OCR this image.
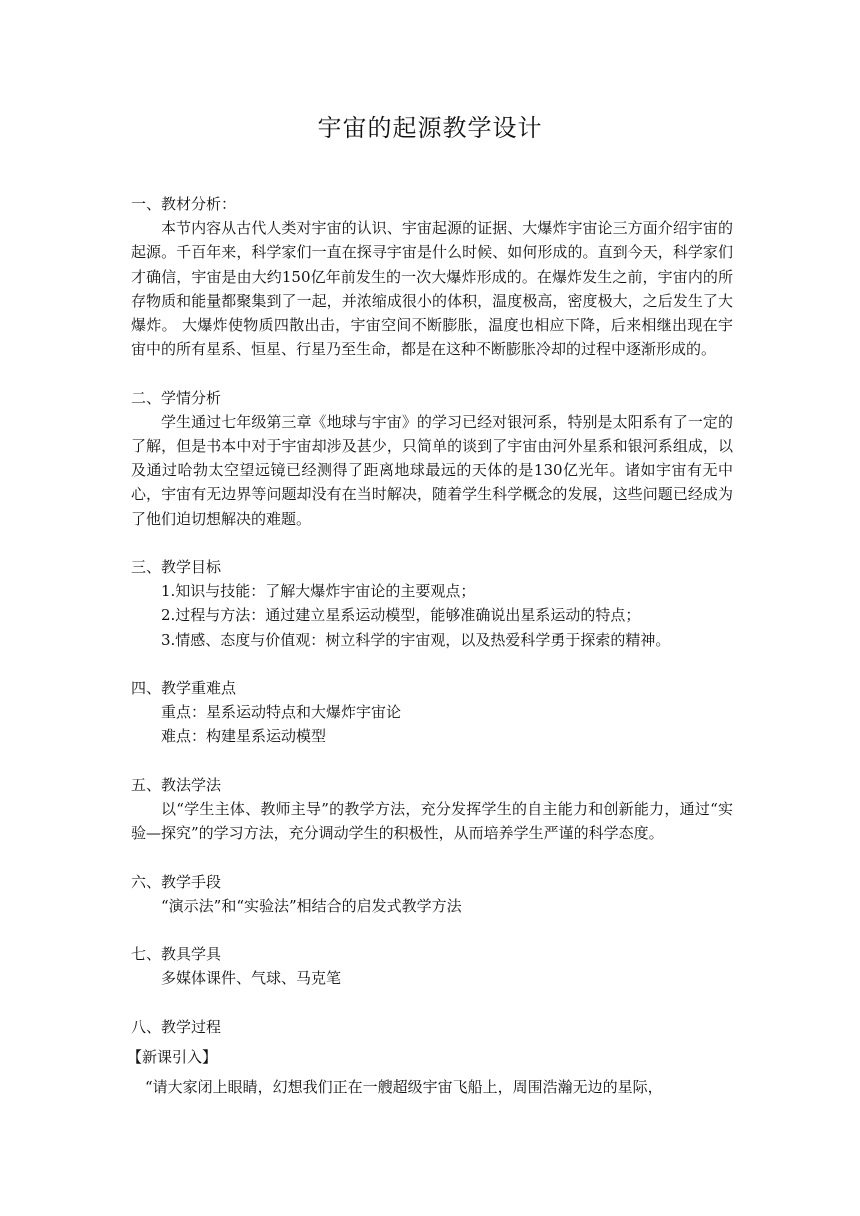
宇宙的起源教学设计

一、教材分析：

本节内容从古代人类对宇宙的认识、宇宙起源的证据、大爆炸宇宙论三方面介绍宇宙的起源。千百年来，科学家们一直在探寻宇宙是什么时候、如何形成的。直到今天，科学家们才确信，宇宙是由大约150亿年前发生的一次大爆炸形成的。在爆炸发生之前，宇宙内的所存物质和能量都聚集到了一起，并浓缩成很小的体积，温度极高，密度极大，之后发生了大爆炸。 大爆炸使物质四散出击，宇宙空间不断膨胀，温度也相应下降，后来相继出现在宇宙中的所有星系、恒星、行星乃至生命，都是在这种不断膨胀冷却的过程中逐渐形成的。

二、学情分析

学生通过七年级第三章《地球与宇宙》的学习已经对银河系，特别是太阳系有了一定的了解，但是书本中对于宇宙却涉及甚少，只简单的谈到了宇宙由河外星系和银河系组成，以及通过哈勃太空望远镜已经测得了距离地球最远的天体的是130亿光年。诸如宇宙有无中心，宇宙有无边界等问题却没有在当时解决，随着学生科学概念的发展，这些问题已经成为了他们迫切想解决的难题。

三、教学目标

1.知识与技能：了解大爆炸宇宙论的主要观点；

2.过程与方法：通过建立星系运动模型，能够准确说出星系运动的特点；

3.情感、态度与价值观：树立科学的宇宙观，以及热爱科学勇于探索的精神。

四、教学重难点

重点：星系运动特点和大爆炸宇宙论

难点：构建星系运动模型

五、教法学法

以“学生主体、教师主导”的教学方法，充分发挥学生的自主能力和创新能力，通过“实验—探究”的学习方法，充分调动学生的积极性，从而培养学生严谨的科学态度。

六、教学手段

“演示法”和“实验法”相结合的启发式教学方法

七、教具学具

多媒体课件、气球、马克笔

八、教学过程

【新课引入】

“请大家闭上眼睛，幻想我们正在一艘超级宇宙飞船上，周围浩瀚无边的星际，
